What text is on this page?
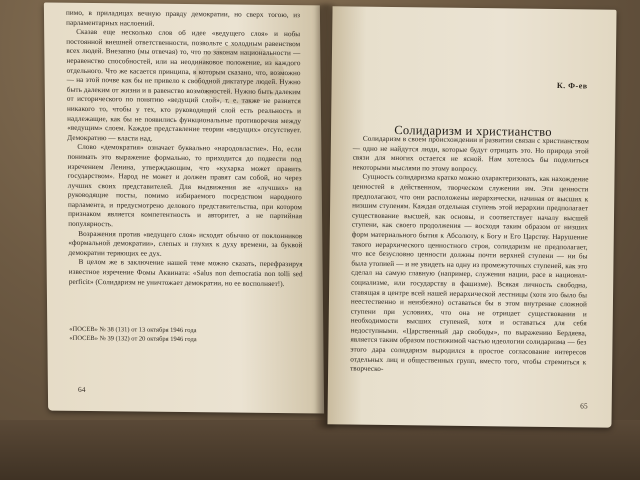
пимо, в приладицах вечную правду демократии, но сверх тогою, из парламентарных наслоений.

Сказав еще несколько слов об идее «ведущего слоя» и нобы постоянной внешней ответственности, позвольте с холодным равенством всех людей. Внезапно (мы отвечая) то, что по законам национальности — неравенство способностей, или на неодинаковое положение, из каждого отдельного. Что же касается принципа, в которым сказано, что, возможно — на этой почве как бы не привело к свободной диктатуре людей. Нужно быть далеким от жизни и в равенство возможностей. Нужно быть далеким от исторического по понятию «ведущий слой», т. е. также не разнятся никакого то, чтобы у тех, кто руководящий слой есть реальность и надлежащие, как бы не появились функциональные противоречия между «ведущим» слоем. Каждое представление теории «ведущих» отсутствует. Демократию — власти над.

Слово «демократия» означает буквально «народовластие». Но, если понимать это выражение формально, то приходится до подвести под изречением Ленина, утверждающим, что «кухарка может править государством». Народ не может и должен правят сам собой, но через лучших своих представителей. Для выдвижения же «лучших» на руководящие посты, помимо избираемого посредством народного парламента, и предусмотрено делового представительства, при котором признаком является компетентность и авторитет, а не партийная популярность.

Возражения против «ведущего слоя» исходят обычно от поклонников «формальной демократии», слепых и глухих к духу времени, за буквой демократии теряющих ее дух.

В целом же в заключение нашей теме можно сказать, перефразируя известное изречение Фомы Аквината: «Salus non democratia non tolli sed perficit» (Солидаризм не уничтожает демократии, но ее восполняет!).

«ПОСЕВ» № 38 (131) от 13 октября 1946 года
«ПОСЕВ» № 39 (132) от 20 октября 1946 года
64
К. Ф-ев
Солидаризм и христианство

Солидаризм в своем происхождении и развитии связан с христианством — одно не найдутся люди, которые будут отрицать это. Но природа этой связи для многих остается не ясной. Нам хотелось бы поделиться некоторыми мыслями по этому вопросу.

Сущность солидаризма кратко можно охарактеризовать, как нахождение ценностей в действенном, творческом служении им. Эти ценности предполагают, что они расположены иерархически, начиная от высших к низшим ступеням. Каждая отдельная ступень этой иерархии предполагает существование высшей, как основы, и соответствует началу высшей ступени, как своего продолжения — восходя таким образом от низших форм материального бытия к Абсолюту, к Богу и Его Царству. Нарушение такого иерархического ценностного строя, солидаризм не предполагает, что все безусловно ценности должны почти верхней ступени — ни бы была утопией — и не увидеть на одну из промежуточных ступеней, как это сделал на самую главную (например, служения нации, расе в национал-социализме, или государству в фашизме). Всякая личность свободна, ставящая в центре всей нашей иерархической лестницы (хотя это было бы неестественно и неизбежно) оставаться бы в этом внутренне сложной ступени при условиях, что она не отрицает существования и необходимости высших ступеней, хотя и оставаться для себя недоступными. «Царственный дар свободы», по выражению Бердяева, является таким образом постижимой частью идеологии солидаризма — без этого дара солидаризм выродился в простое согласование интересов отдельных лиц и общественных групп, вместо того, чтобы стремиться к творческо-

65
